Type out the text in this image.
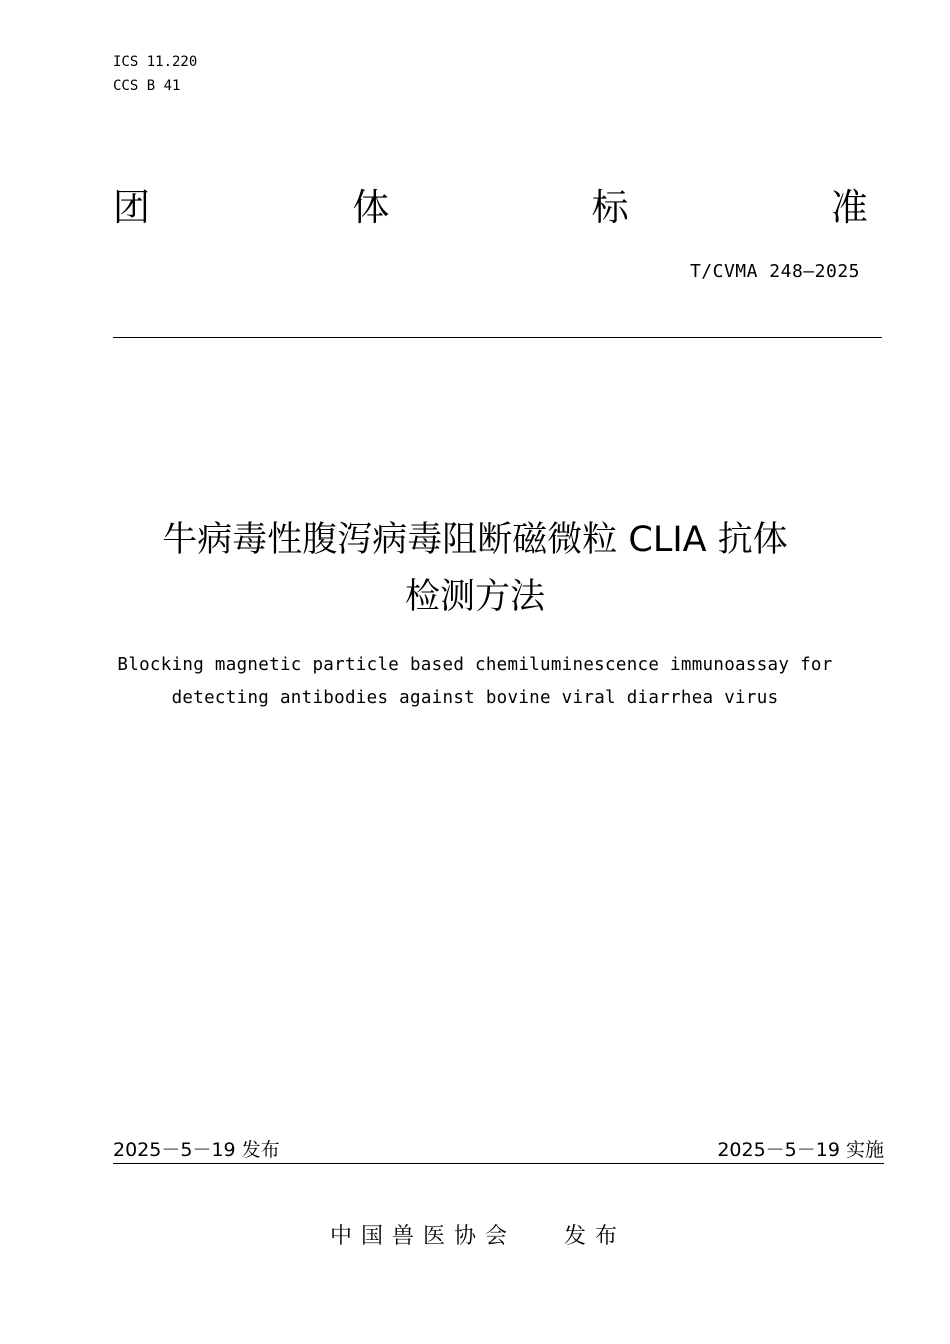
ICS 11.220
CCS B 41
团	体	标	准
T/CVMA 248—2025
牛病毒性腹泻病毒阻断磁微粒 CLIA 抗体
检测方法
Blocking magnetic particle based chemiluminescence immunoassay for
detecting antibodies against bovine viral diarrhea virus
2025－5－19 发布	2025－5－19 实施
中国兽医协会 发布
